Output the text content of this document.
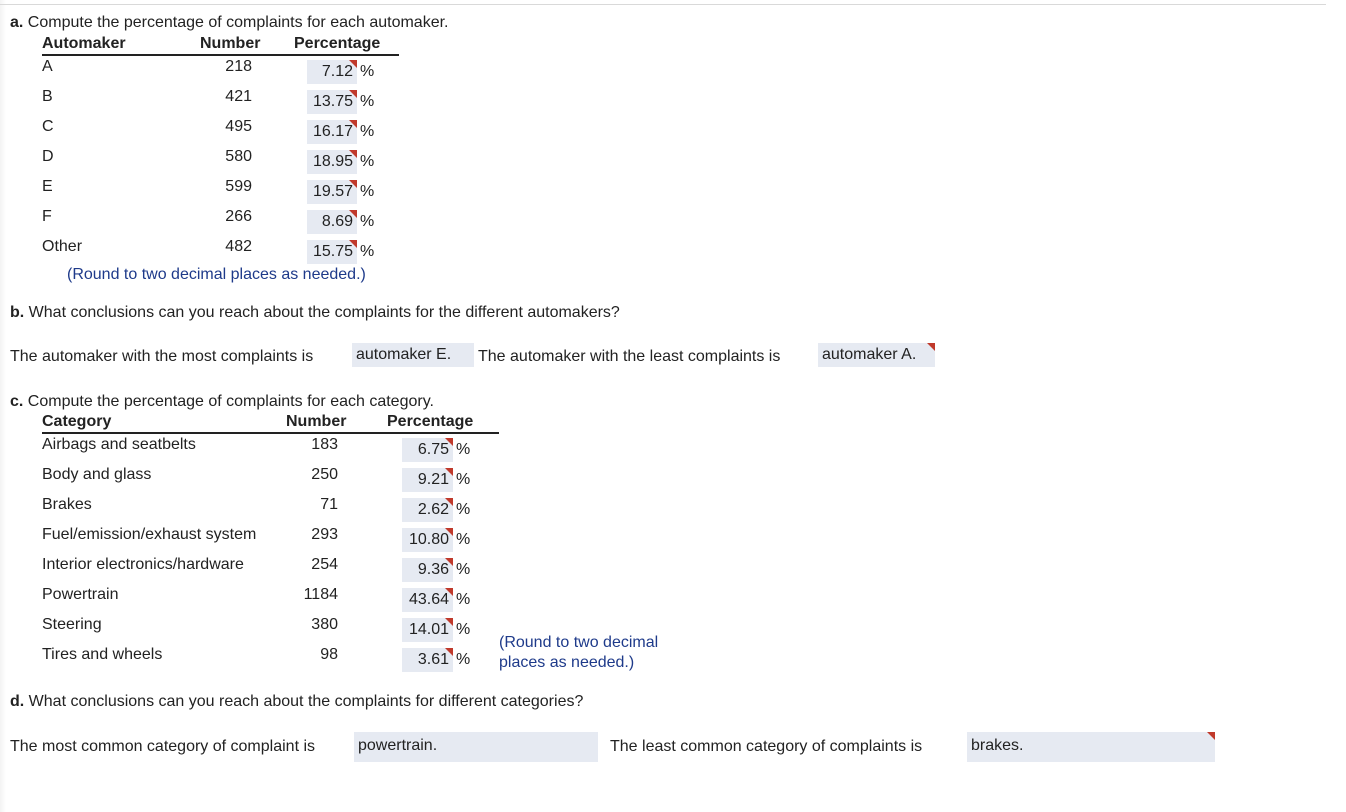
a. Compute the percentage of complaints for each automaker.
Automaker	Number Percentage
A	218	7.12 %
B	421	13.75 %
C	495	16.17 %
D	580	18.95 %
E	599	19.57 %
F	266	8.69 %
Other	482	15.75 %
(Round to two decimal places as needed.)
b. What conclusions can you reach about the complaints for the different automakers?
The automaker with the most complaints is	automaker E.	The automaker with the least complaints is	automaker A.
c. Compute the percentage of complaints for each category.
Category	Number	Percentage
Airbags and seatbelts	183	6.75 %
Body and glass	250	9.21 %
Brakes	71	2.62 %
Fuel/emission/exhaust system	293	10.80 %
Interior electronics/hardware	254	9.36 %
Powertrain	1184	43.64 %
Steering	380	14.01 %
Tires and wheels	98	3.61 %
(Round to two decimal
places as needed.)
d. What conclusions can you reach about the complaints for different categories?
The most common category of complaint is	powertrain.	The least common category of complaints is	brakes.
